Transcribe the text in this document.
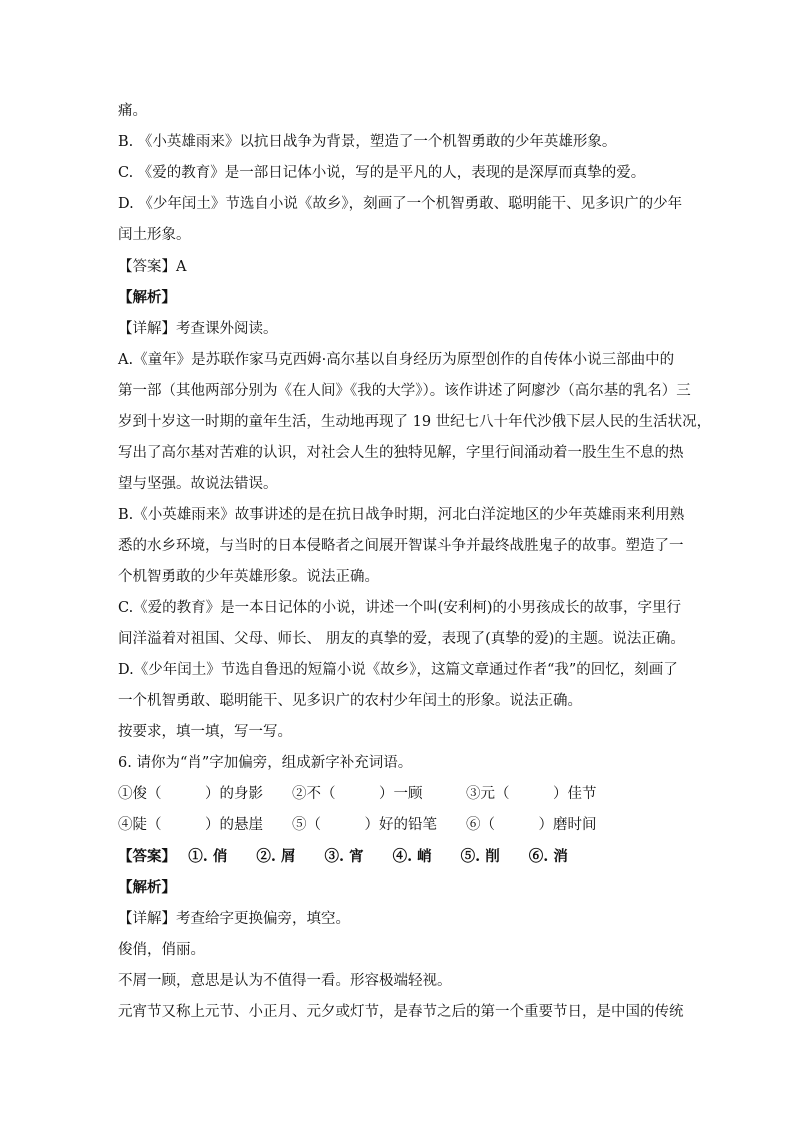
痛。
B. 《小英雄雨来》以抗日战争为背景，塑造了一个机智勇敢的少年英雄形象。
C. 《爱的教育》是一部日记体小说，写的是平凡的人，表现的是深厚而真挚的爱。
D. 《少年闰土》节选自小说《故乡》，刻画了一个机智勇敢、聪明能干、见多识广的少年
闰土形象。
【答案】A
【解析】
【详解】考查课外阅读。
A.《童年》是苏联作家马克西姆·高尔基以自身经历为原型创作的自传体小说三部曲中的
第一部（其他两部分别为《在人间》《我的大学》）。该作讲述了阿廖沙（高尔基的乳名）三
岁到十岁这一时期的童年生活，生动地再现了 19 世纪七八十年代沙俄下层人民的生活状况，
写出了高尔基对苦难的认识，对社会人生的独特见解，字里行间涌动着一股生生不息的热
望与坚强。故说法错误。
B.《小英雄雨来》故事讲述的是在抗日战争时期，河北白洋淀地区的少年英雄雨来利用熟
悉的水乡环境，与当时的日本侵略者之间展开智谋斗争并最终战胜鬼子的故事。塑造了一
个机智勇敢的少年英雄形象。说法正确。
C.《爱的教育》是一本日记体的小说，讲述一个叫(安利柯)的小男孩成长的故事，字里行
间洋溢着对祖国、父母、师长、 朋友的真挚的爱，表现了(真挚的爱)的主题。说法正确。
D.《少年闰土》节选自鲁迅的短篇小说《故乡》，这篇文章通过作者“我”的回忆，刻画了
一个机智勇敢、聪明能干、见多识广的农村少年闰土的形象。说法正确。
按要求，填一填，写一写。
6. 请你为“肖”字加偏旁，组成新字补充词语。
①俊（　　　）的身影　　②不（　　　）一顾　　　③元（　　　）佳节
④陡（　　　）的悬崖　　⑤（　　　）好的铅笔　　⑥（　　　）磨时间
【答案】　 ①. 俏　　②. 屑　　③. 宵　　④. 峭　　⑤. 削　　⑥. 消
【解析】
【详解】考查给字更换偏旁，填空。
俊俏，俏丽。
不屑一顾，意思是认为不值得一看。形容极端轻视。
元宵节又称上元节、小正月、元夕或灯节，是春节之后的第一个重要节日，是中国的传统
